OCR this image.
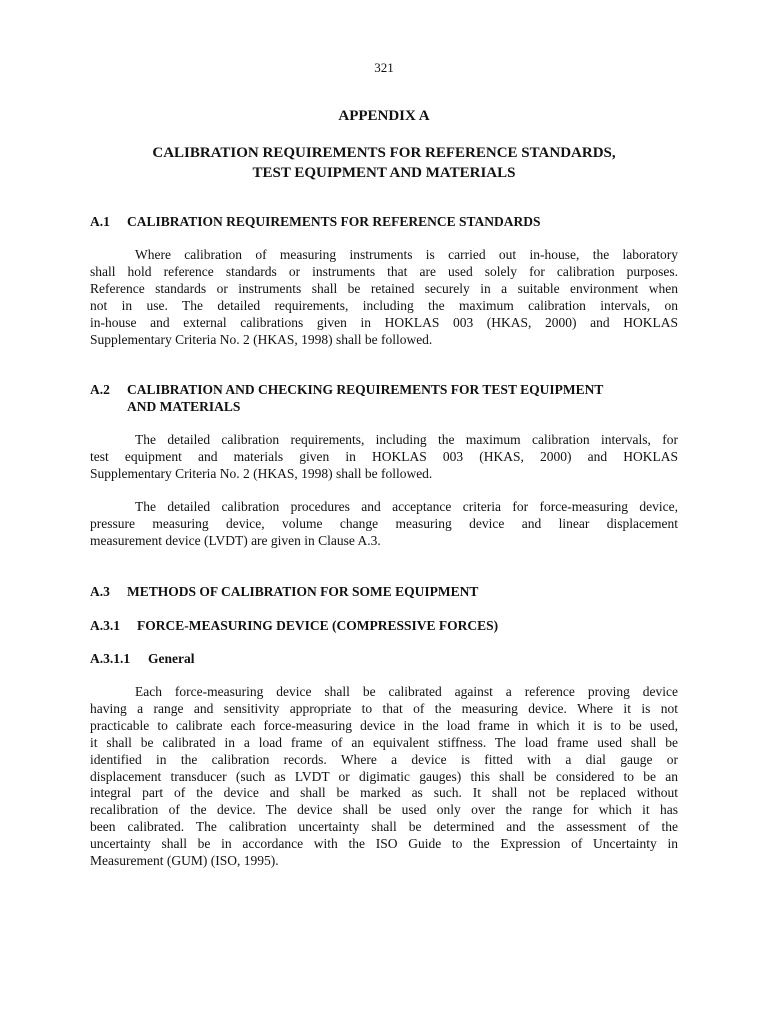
321
APPENDIX A
CALIBRATION REQUIREMENTS FOR REFERENCE STANDARDS,
TEST EQUIPMENT AND MATERIALS
A.1 CALIBRATION REQUIREMENTS FOR REFERENCE STANDARDS
Where calibration of measuring instruments is carried out in-house, the laboratory
shall hold reference standards or instruments that are used solely for calibration purposes.
Reference standards or instruments shall be retained securely in a suitable environment when
not in use. The detailed requirements, including the maximum calibration intervals, on
in-house and external calibrations given in HOKLAS 003 (HKAS, 2000) and HOKLAS
Supplementary Criteria No. 2 (HKAS, 1998) shall be followed.
A.2 CALIBRATION AND CHECKING REQUIREMENTS FOR TEST EQUIPMENT
AND MATERIALS
The detailed calibration requirements, including the maximum calibration intervals, for
test equipment and materials given in HOKLAS 003 (HKAS, 2000) and HOKLAS
Supplementary Criteria No. 2 (HKAS, 1998) shall be followed.
The detailed calibration procedures and acceptance criteria for force-measuring device,
pressure measuring device, volume change measuring device and linear displacement
measurement device (LVDT) are given in Clause A.3.
A.3 METHODS OF CALIBRATION FOR SOME EQUIPMENT
A.3.1 FORCE-MEASURING DEVICE (COMPRESSIVE FORCES)
A.3.1.1 General
Each force-measuring device shall be calibrated against a reference proving device
having a range and sensitivity appropriate to that of the measuring device. Where it is not
practicable to calibrate each force-measuring device in the load frame in which it is to be used,
it shall be calibrated in a load frame of an equivalent stiffness. The load frame used shall be
identified in the calibration records. Where a device is fitted with a dial gauge or
displacement transducer (such as LVDT or digimatic gauges) this shall be considered to be an
integral part of the device and shall be marked as such. It shall not be replaced without
recalibration of the device. The device shall be used only over the range for which it has
been calibrated. The calibration uncertainty shall be determined and the assessment of the
uncertainty shall be in accordance with the ISO Guide to the Expression of Uncertainty in
Measurement (GUM) (ISO, 1995).
